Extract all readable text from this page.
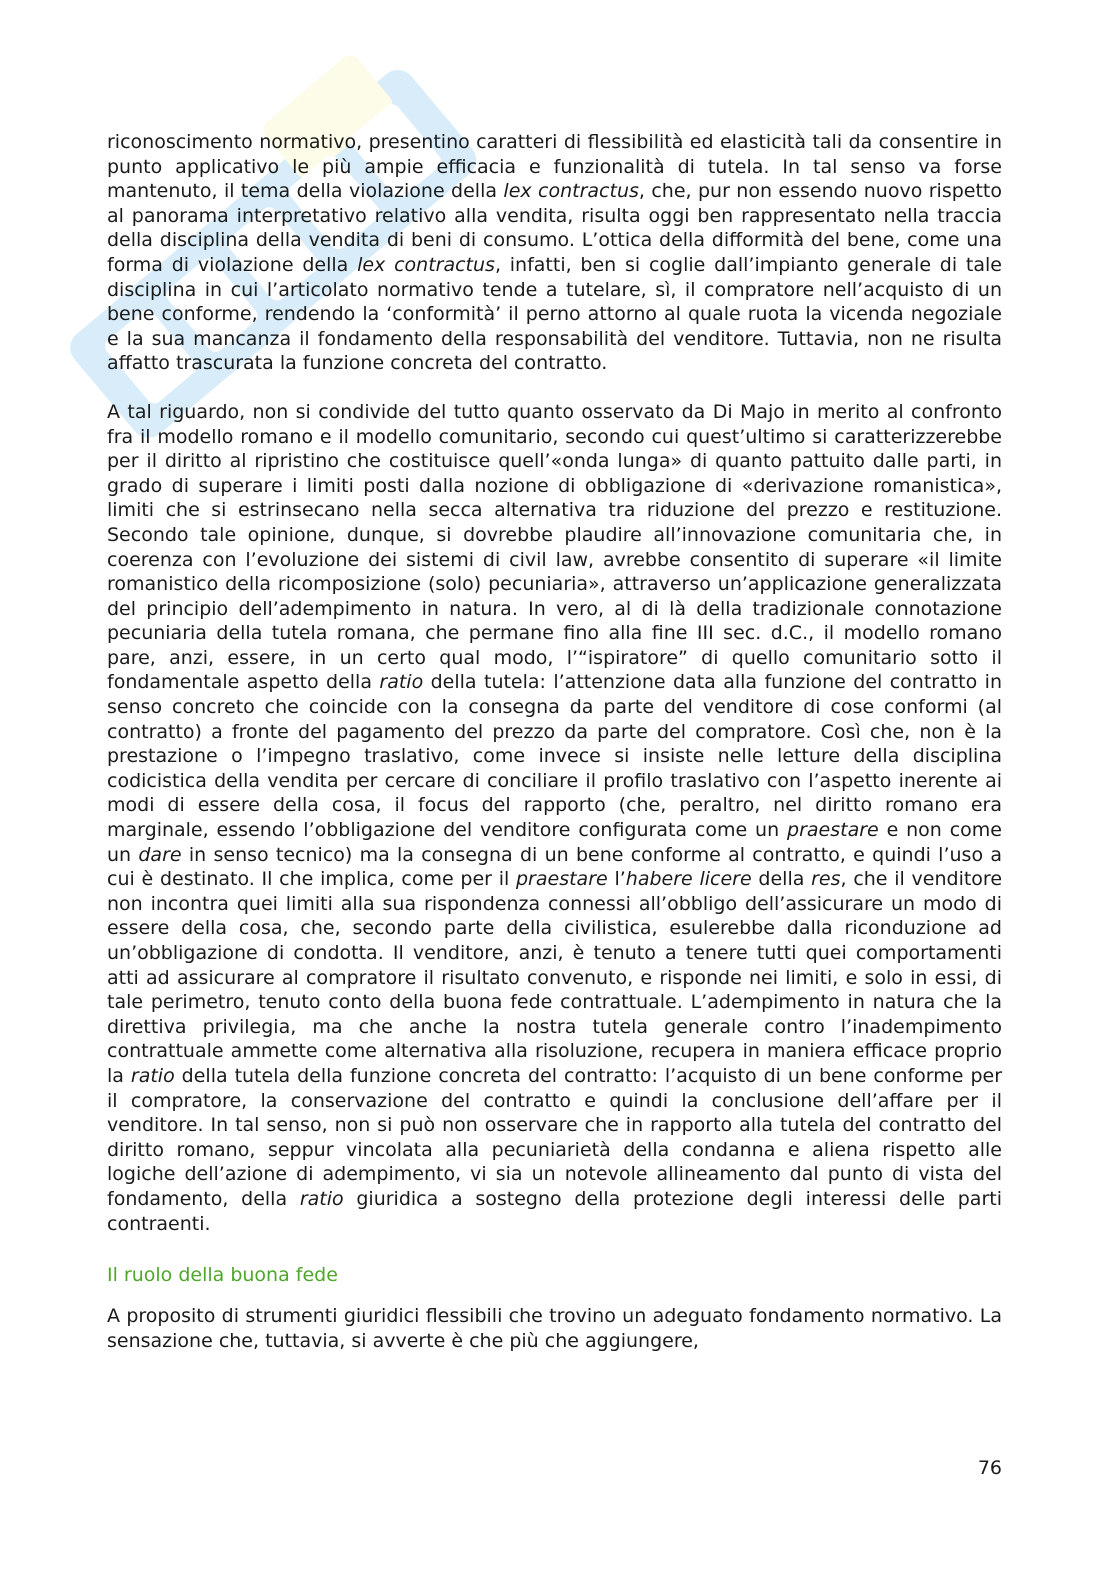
riconoscimento normativo, presentino caratteri di flessibilità ed elasticità tali da consentire in punto applicativo le più ampie efficacia e funzionalità di tutela. In tal senso va forse mantenuto, il tema della violazione della lex contractus, che, pur non essendo nuovo rispetto al panorama interpretativo relativo alla vendita, risulta oggi ben rappresentato nella traccia della disciplina della vendita di beni di consumo. L’ottica della difformità del bene, come una forma di violazione della lex contractus, infatti, ben si coglie dall’impianto generale di tale disciplina in cui l’articolato normativo tende a tutelare, sì, il compratore nell’acquisto di un bene conforme, rendendo la ‘conformità’ il perno attorno al quale ruota la vicenda negoziale e la sua mancanza il fondamento della responsabilità del venditore. Tuttavia, non ne risulta affatto trascurata la funzione concreta del contratto.

A tal riguardo, non si condivide del tutto quanto osservato da Di Majo in merito al confronto fra il modello romano e il modello comunitario, secondo cui quest’ultimo si caratterizzerebbe per il diritto al ripristino che costituisce quell’«onda lunga» di quanto pattuito dalle parti, in grado di superare i limiti posti dalla nozione di obbligazione di «derivazione romanistica», limiti che si estrinsecano nella secca alternativa tra riduzione del prezzo e restituzione. Secondo tale opinione, dunque, si dovrebbe plaudire all’innovazione comunitaria che, in coerenza con l’evoluzione dei sistemi di civil law, avrebbe consentito di superare «il limite romanistico della ricomposizione (solo) pecuniaria», attraverso un’applicazione generalizzata del principio dell’adempimento in natura. In vero, al di là della tradizionale connotazione pecuniaria della tutela romana, che permane fino alla fine III sec. d.C., il modello romano pare, anzi, essere, in un certo qual modo, l’“ispiratore” di quello comunitario sotto il fondamentale aspetto della ratio della tutela: l’attenzione data alla funzione del contratto in senso concreto che coincide con la consegna da parte del venditore di cose conformi (al contratto) a fronte del pagamento del prezzo da parte del compratore. Così che, non è la prestazione o l’impegno traslativo, come invece si insiste nelle letture della disciplina codicistica della vendita per cercare di conciliare il profilo traslativo con l’aspetto inerente ai modi di essere della cosa, il focus del rapporto (che, peraltro, nel diritto romano era marginale, essendo l’obbligazione del venditore configurata come un praestare e non come un dare in senso tecnico) ma la consegna di un bene conforme al contratto, e quindi l’uso a cui è destinato. Il che implica, come per il praestare l’habere licere della res, che il venditore non incontra quei limiti alla sua rispondenza connessi all’obbligo dell’assicurare un modo di essere della cosa, che, secondo parte della civilistica, esulerebbe dalla riconduzione ad un’obbligazione di condotta. Il venditore, anzi, è tenuto a tenere tutti quei comportamenti atti ad assicurare al compratore il risultato convenuto, e risponde nei limiti, e solo in essi, di tale perimetro, tenuto conto della buona fede contrattuale. L’adempimento in natura che la direttiva privilegia, ma che anche la nostra tutela generale contro l’inadempimento contrattuale ammette come alternativa alla risoluzione, recupera in maniera efficace proprio la ratio della tutela della funzione concreta del contratto: l’acquisto di un bene conforme per il compratore, la conservazione del contratto e quindi la conclusione dell’affare per il venditore. In tal senso, non si può non osservare che in rapporto alla tutela del contratto del diritto romano, seppur vincolata alla pecuniarietà della condanna e aliena rispetto alle logiche dell’azione di adempimento, vi sia un notevole allineamento dal punto di vista del fondamento, della ratio giuridica a sostegno della protezione degli interessi delle parti contraenti.

Il ruolo della buona fede

A proposito di strumenti giuridici flessibili che trovino un adeguato fondamento normativo. La sensazione che, tuttavia, si avverte è che più che aggiungere,

76
